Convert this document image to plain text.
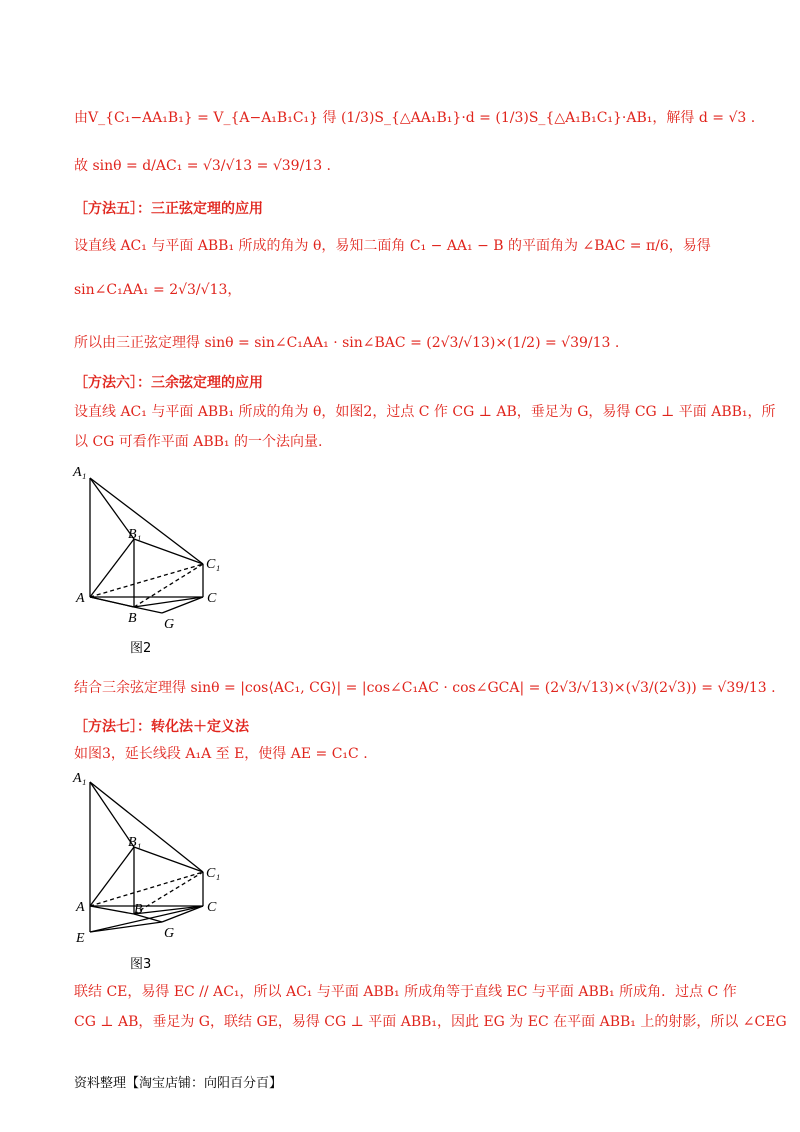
由V_{C₁−AA₁B₁} = V_{A−A₁B₁C₁} 得 (1/3)S_{△AA₁B₁}·d = (1/3)S_{△A₁B₁C₁}·AB₁，解得 d = √3 .
故 sinθ = d/AC₁ = √3/√13 = √39/13 .
［方法五］：三正弦定理的应用
设直线 AC₁ 与平面 ABB₁ 所成的角为 θ，易知二面角 C₁ − AA₁ − B 的平面角为 ∠BAC = π/6，易得
sin∠C₁AA₁ = 2√3/√13，
所以由三正弦定理得 sinθ = sin∠C₁AA₁ · sin∠BAC = (2√3/√13)×(1/2) = √39/13 .
［方法六］：三余弦定理的应用
设直线 AC₁ 与平面 ABB₁ 所成的角为 θ，如图2，过点 C 作 CG ⊥ AB，垂足为 G，易得 CG ⊥ 平面 ABB₁，所
以 CG 可看作平面 ABB₁ 的一个法向量.
A₁
B₁
C₁
A
B
C
G
图2
结合三余弦定理得 sinθ = |cos⟨AC₁, CG⟩| = |cos∠C₁AC · cos∠GCA| = (2√3/√13)×(√3/(2√3)) = √39/13 .
［方法七］：转化法＋定义法
如图3，延长线段 A₁A 至 E，使得 AE = C₁C .
A₁
B₁
C₁
A	B	C
G
E
图3
联结 CE，易得 EC // AC₁，所以 AC₁ 与平面 ABB₁ 所成角等于直线 EC 与平面 ABB₁ 所成角．过点 C 作
CG ⊥ AB，垂足为 G，联结 GE，易得 CG ⊥ 平面 ABB₁，因此 EG 为 EC 在平面 ABB₁ 上的射影，所以 ∠CEG
资料整理【淘宝店铺：向阳百分百】
